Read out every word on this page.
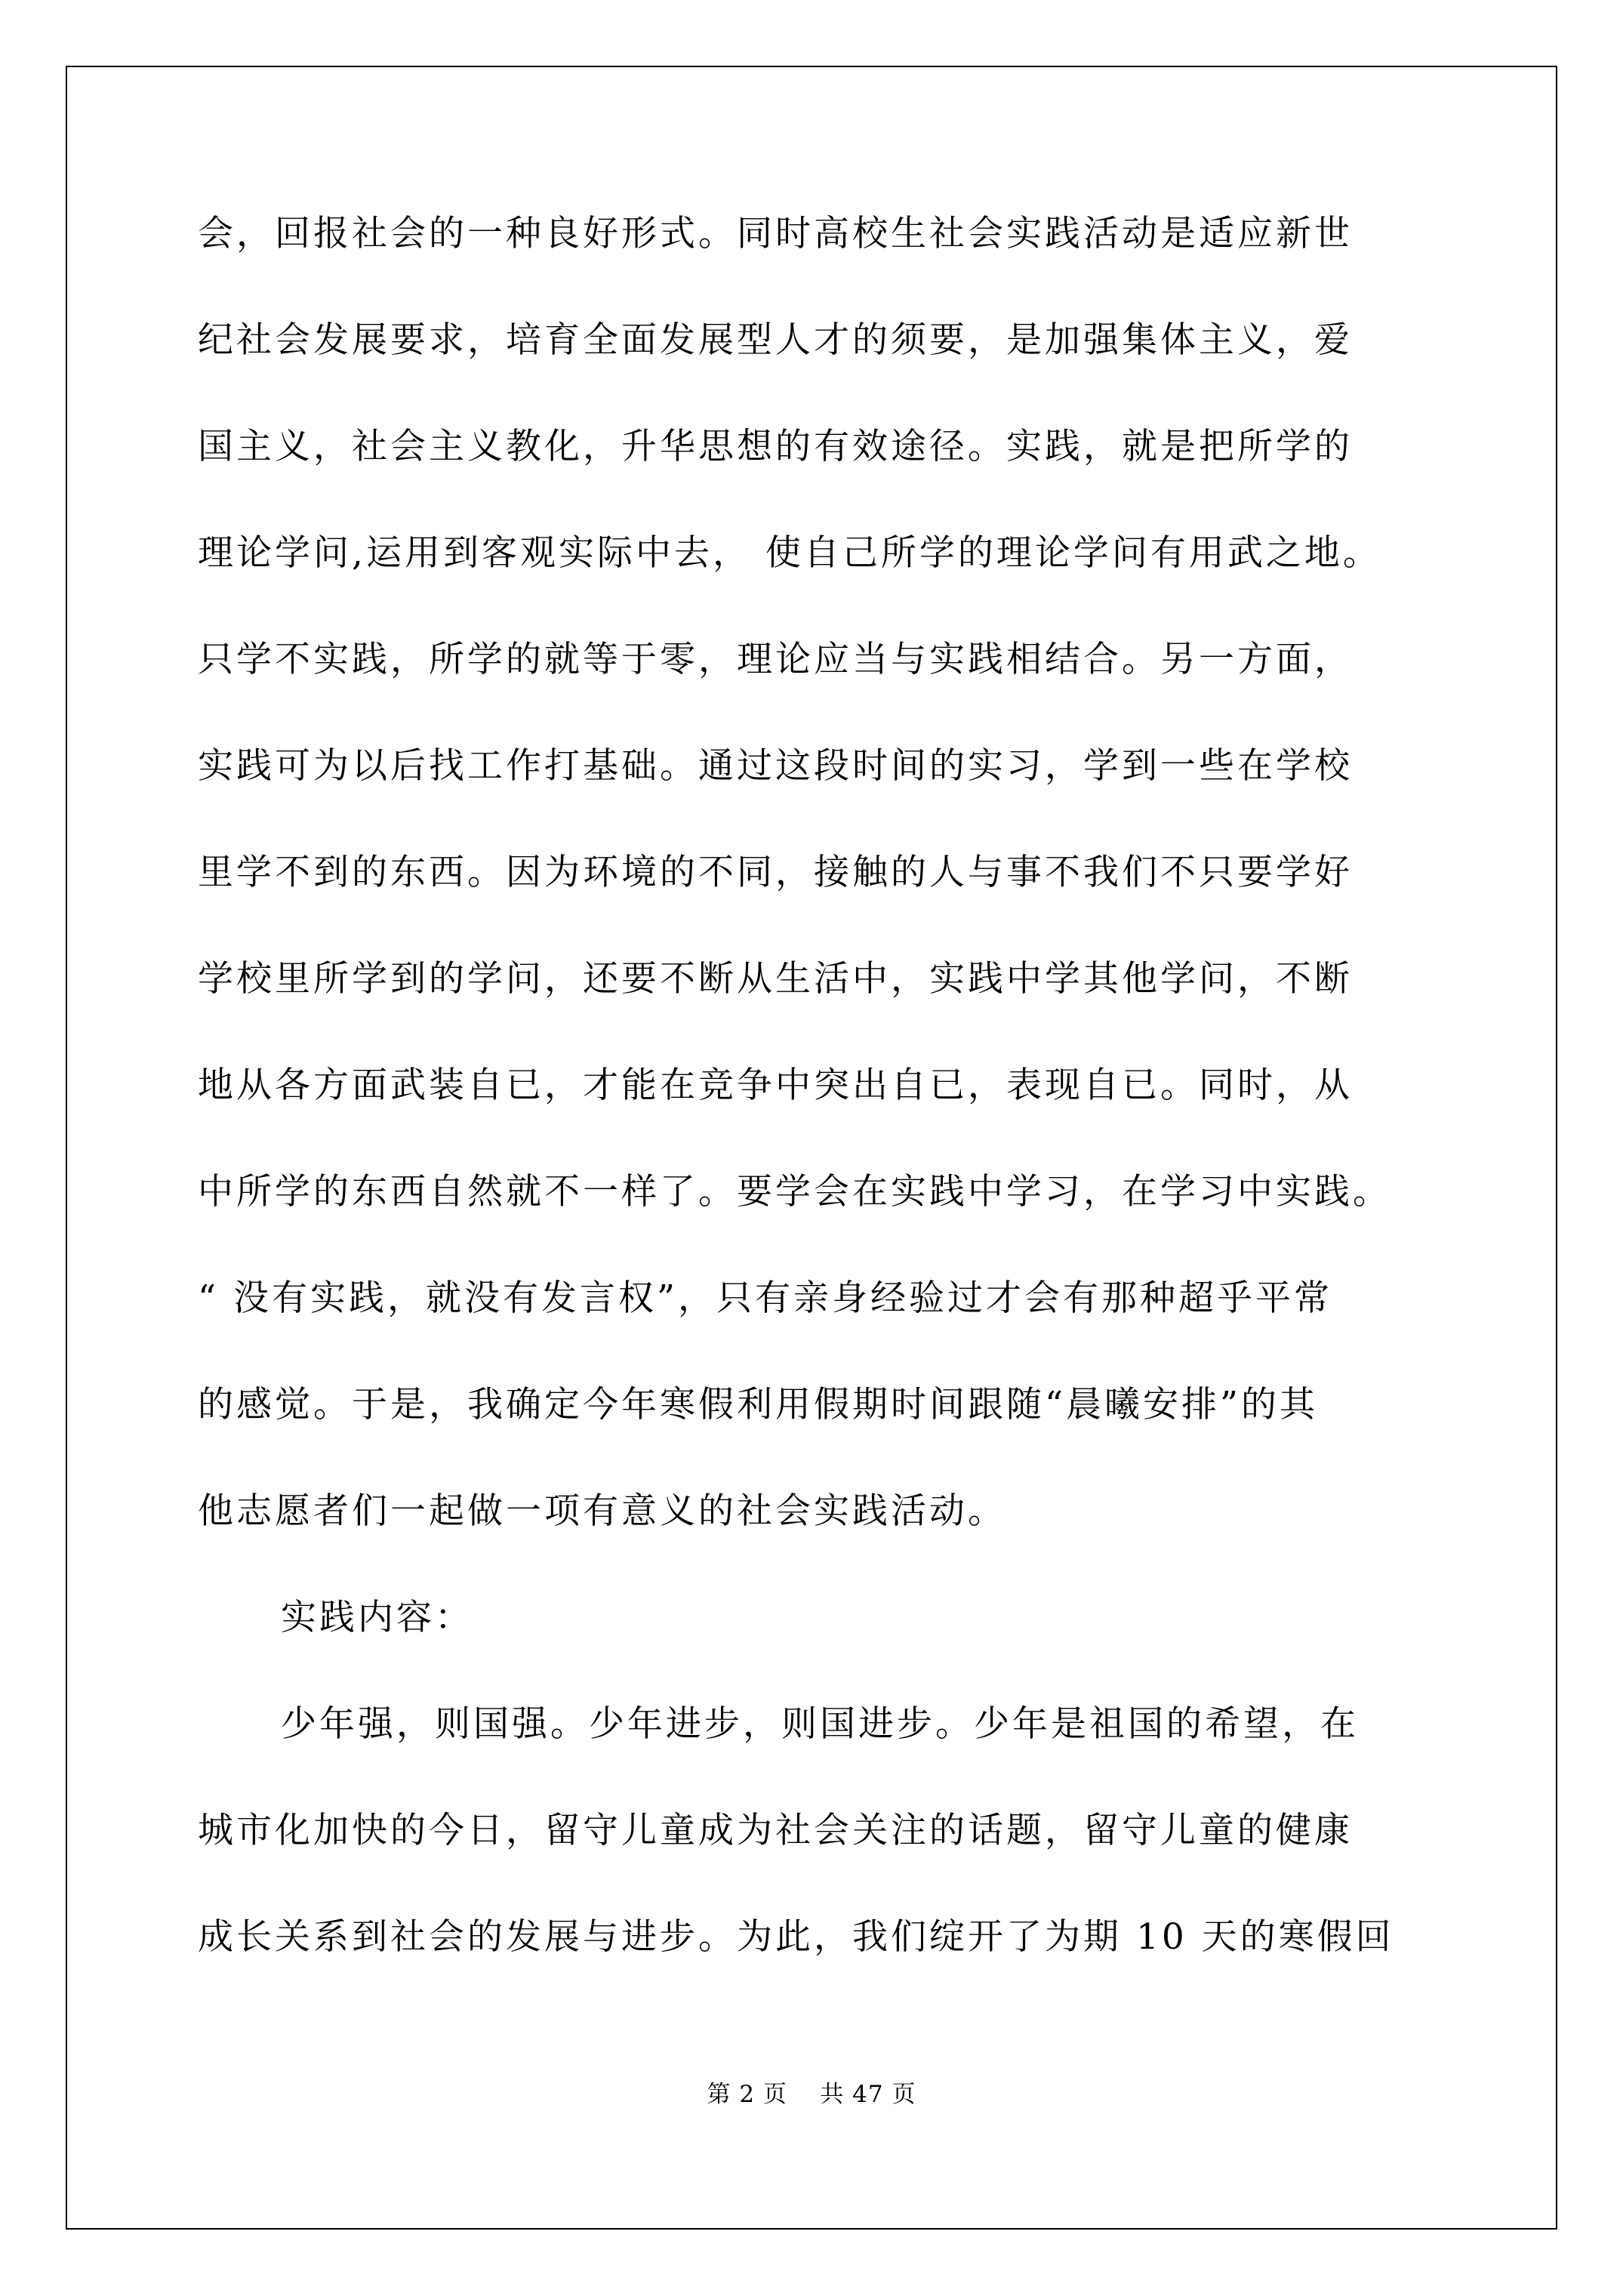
会，回报社会的一种良好形式。同时高校生社会实践活动是适应新世
纪社会发展要求，培育全面发展型人才的须要，是加强集体主义，爱
国主义，社会主义教化，升华思想的有效途径。实践，就是把所学的
理论学问,运用到客观实际中去， 使自己所学的理论学问有用武之地。
只学不实践，所学的就等于零，理论应当与实践相结合。另一方面，
实践可为以后找工作打基础。通过这段时间的实习，学到一些在学校
里学不到的东西。因为环境的不同，接触的人与事不我们不只要学好
学校里所学到的学问，还要不断从生活中，实践中学其他学问，不断
地从各方面武装自已，才能在竞争中突出自已，表现自已。同时，从
中所学的东西自然就不一样了。要学会在实践中学习，在学习中实践。
“ 没有实践，就没有发言权”，只有亲身经验过才会有那种超乎平常
的感觉。于是，我确定今年寒假利用假期时间跟随“晨曦安排”的其
他志愿者们一起做一项有意义的社会实践活动。
实践内容：
少年强，则国强。少年进步，则国进步。少年是祖国的希望，在
城市化加快的今日，留守儿童成为社会关注的话题，留守儿童的健康
成长关系到社会的发展与进步。为此，我们绽开了为期 10 天的寒假回
第 2 页    共 47 页
